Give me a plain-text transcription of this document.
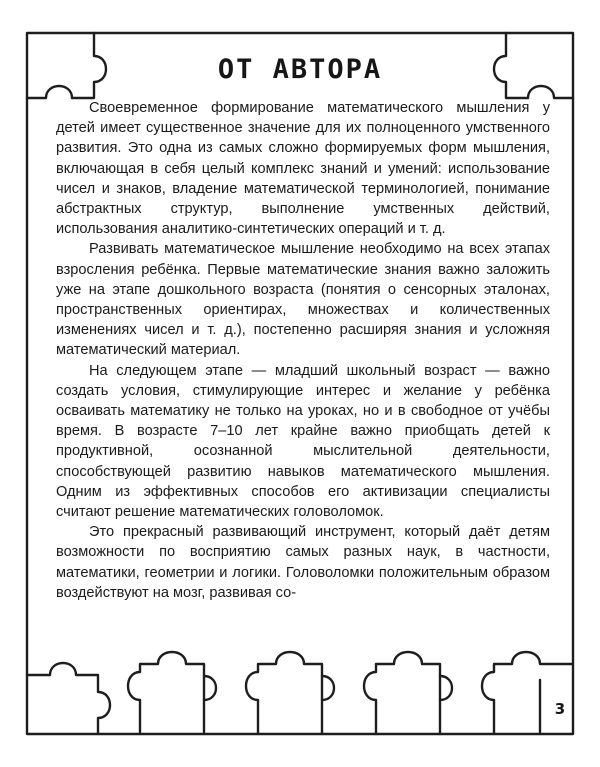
ОТ АВТОРА

Своевременное формирование математического мышления у детей имеет существенное значение для их полноценного умственного развития. Это одна из самых сложно формируемых форм мышления, включающая в себя целый комплекс знаний и умений: использование чисел и знаков, владение математической терминологией, понимание абстрактных структур, выполнение умственных действий, использования аналитико-синтетических операций и т. д.

Развивать математическое мышление необходимо на всех этапах взросления ребёнка. Первые математические знания важно заложить уже на этапе дошкольного возраста (понятия о сенсорных эталонах, пространственных ориентирах, множествах и количественных изменениях чисел и т. д.), постепенно расширяя знания и усложняя математический материал.

На следующем этапе — младший школьный возраст — важно создать условия, стимулирующие интерес и желание у ребёнка осваивать математику не только на уроках, но и в свободное от учёбы время. В возрасте 7–10 лет крайне важно приобщать детей к продуктивной, осознанной мыслительной деятельности, способствующей развитию навыков математического мышления. Одним из эффективных способов его активизации специалисты считают решение математических головоломок.

Это прекрасный развивающий инструмент, который даёт детям возможности по восприятию самых разных наук, в частности, математики, геометрии и логики. Головоломки положительным образом воздействуют на мозг, развивая со-

3
